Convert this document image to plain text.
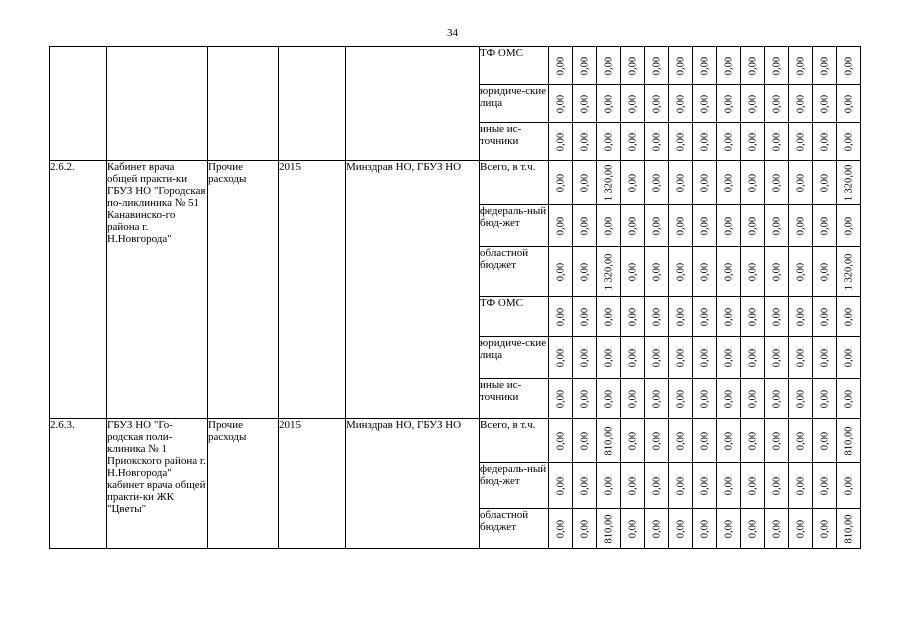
34

					ТФ ОМС	0,00	0,00	0,00	0,00	0,00	0,00	0,00	0,00	0,00	0,00	0,00	0,00	0,00

					юридиче-ские лица	0,00	0,00	0,00	0,00	0,00	0,00	0,00	0,00	0,00	0,00	0,00	0,00	0,00

					иные ис-точники	0,00	0,00	0,00	0,00	0,00	0,00	0,00	0,00	0,00	0,00	0,00	0,00	0,00

2.6.2.	Кабинет врача общей практи-ки ГБУЗ НО "Городская по-ликлиника № 51 Канавинско-го района г. Н.Новгорода"	Прочие расходы	2015	Минздрав НО, ГБУЗ НО	Всего, в т.ч.	0,00	0,00	1 320,00	0,00	0,00	0,00	0,00	0,00	0,00	0,00	0,00	0,00	1 320,00

					федераль-ный бюд-жет	0,00	0,00	0,00	0,00	0,00	0,00	0,00	0,00	0,00	0,00	0,00	0,00	0,00

					областной бюджет	0,00	0,00	1 320,00	0,00	0,00	0,00	0,00	0,00	0,00	0,00	0,00	0,00	1 320,00

					ТФ ОМС	0,00	0,00	0,00	0,00	0,00	0,00	0,00	0,00	0,00	0,00	0,00	0,00	0,00

					юридиче-ские лица	0,00	0,00	0,00	0,00	0,00	0,00	0,00	0,00	0,00	0,00	0,00	0,00	0,00

					иные ис-точники	0,00	0,00	0,00	0,00	0,00	0,00	0,00	0,00	0,00	0,00	0,00	0,00	0,00

2.6.3.	ГБУЗ НО "Го-родская поли-клиника № 1 Приокского района г. Н.Новгорода" кабинет врача общей практи-ки ЖК "Цветы"	Прочие расходы	2015	Минздрав НО, ГБУЗ НО	Всего, в т.ч.	0,00	0,00	810,00	0,00	0,00	0,00	0,00	0,00	0,00	0,00	0,00	0,00	810,00

					федераль-ный бюд-жет	0,00	0,00	0,00	0,00	0,00	0,00	0,00	0,00	0,00	0,00	0,00	0,00	0,00

					областной бюджет	0,00	0,00	810,00	0,00	0,00	0,00	0,00	0,00	0,00	0,00	0,00	0,00	810,00
